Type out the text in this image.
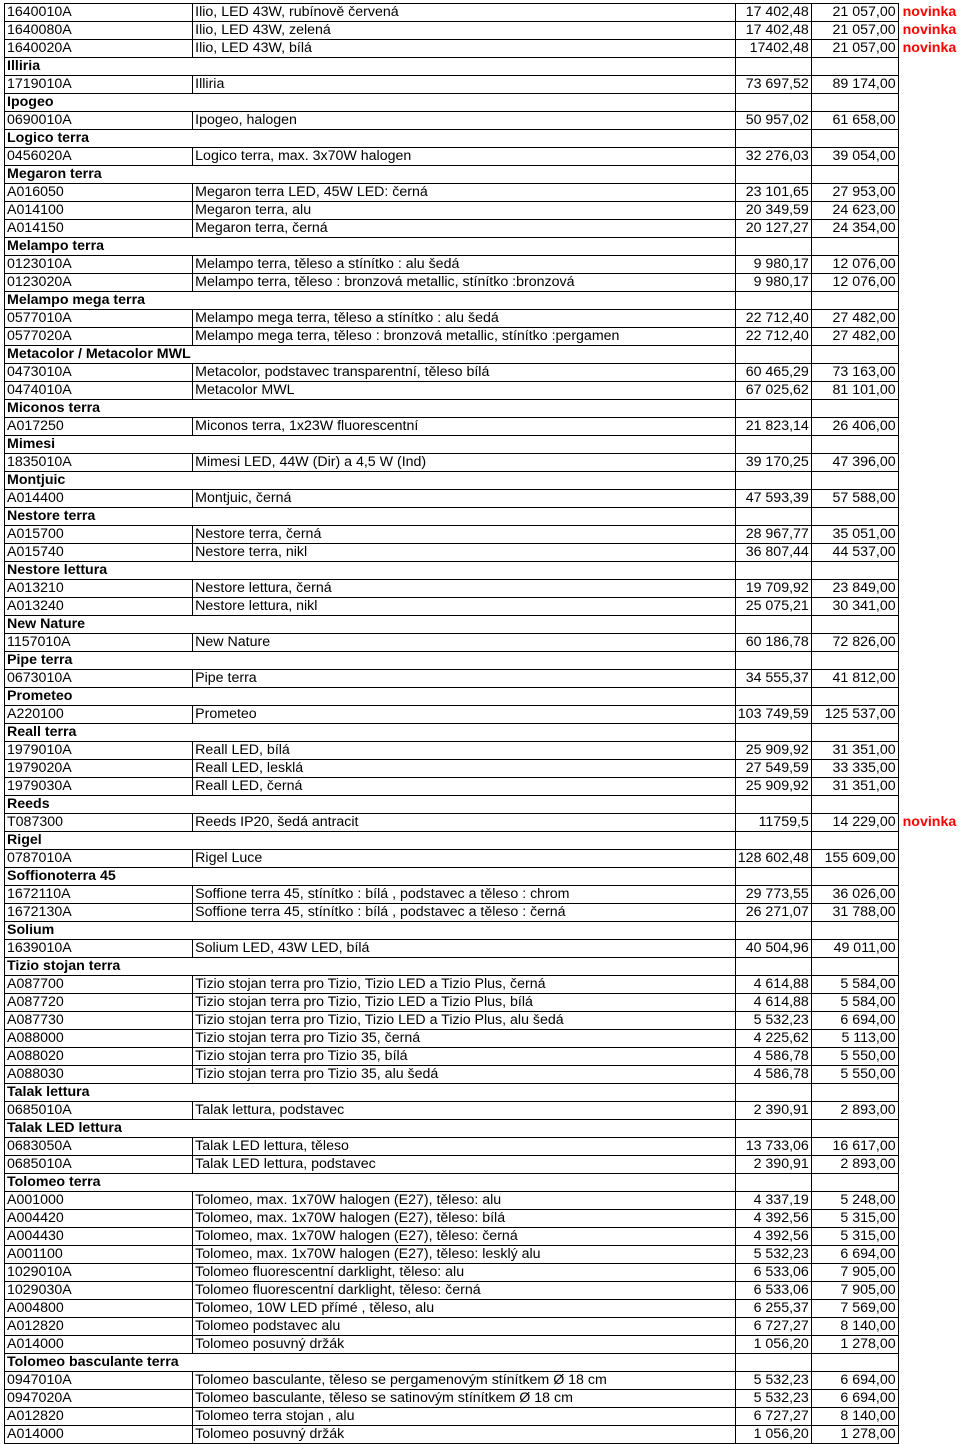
1640010A	Ilio, LED 43W, rubínově červená	17 402,48	21 057,00	novinka
1640080A	Ilio, LED 43W, zelená	17 402,48	21 057,00	novinka
1640020A	Ilio, LED 43W, bílá	17402,48	21 057,00	novinka
Illiria				
1719010A	Illiria	73 697,52	89 174,00	
Ipogeo				
0690010A	Ipogeo, halogen	50 957,02	61 658,00	
Logico terra				
0456020A	Logico terra, max. 3x70W halogen	32 276,03	39 054,00	
Megaron terra				
A016050	Megaron terra LED, 45W LED: černá	23 101,65	27 953,00	
A014100	Megaron terra, alu	20 349,59	24 623,00	
A014150	Megaron terra, černá	20 127,27	24 354,00	
Melampo terra				
0123010A	Melampo terra, těleso a stínítko : alu šedá	9 980,17	12 076,00	
0123020A	Melampo terra, těleso : bronzová metallic, stínítko :bronzová	9 980,17	12 076,00	
Melampo mega terra				
0577010A	Melampo mega terra, těleso a stínítko : alu šedá	22 712,40	27 482,00	
0577020A	Melampo mega terra, těleso : bronzová metallic, stínítko :pergamen	22 712,40	27 482,00	
Metacolor / Metacolor MWL				
0473010A	Metacolor, podstavec transparentní, těleso bílá	60 465,29	73 163,00	
0474010A	Metacolor MWL	67 025,62	81 101,00	
Miconos terra				
A017250	Miconos terra, 1x23W fluorescentní	21 823,14	26 406,00	
Mimesi				
1835010A	Mimesi LED, 44W (Dir) a 4,5 W (Ind)	39 170,25	47 396,00	
Montjuic				
A014400	Montjuic, černá	47 593,39	57 588,00	
Nestore terra				
A015700	Nestore terra, černá	28 967,77	35 051,00	
A015740	Nestore terra, nikl	36 807,44	44 537,00	
Nestore lettura				
A013210	Nestore lettura, černá	19 709,92	23 849,00	
A013240	Nestore lettura, nikl	25 075,21	30 341,00	
New Nature				
1157010A	New Nature	60 186,78	72 826,00	
Pipe terra				
0673010A	Pipe terra	34 555,37	41 812,00	
Prometeo				
A220100	Prometeo	103 749,59	125 537,00	
Reall terra				
1979010A	Reall LED, bílá	25 909,92	31 351,00	
1979020A	Reall LED, lesklá	27 549,59	33 335,00	
1979030A	Reall LED, černá	25 909,92	31 351,00	
Reeds				
T087300	Reeds IP20, šedá antracit	11759,5	14 229,00	novinka
Rigel				
0787010A	Rigel Luce	128 602,48	155 609,00	
Soffionoterra 45				
1672110A	Soffione terra 45, stínítko : bílá , podstavec a těleso : chrom	29 773,55	36 026,00	
1672130A	Soffione terra 45, stínítko : bílá , podstavec a těleso : černá	26 271,07	31 788,00	
Solium				
1639010A	Solium LED, 43W LED, bílá	40 504,96	49 011,00	
Tizio stojan terra				
A087700	Tizio stojan terra pro Tizio, Tizio LED a Tizio Plus, černá	4 614,88	5 584,00	
A087720	Tizio stojan terra pro Tizio, Tizio LED a Tizio Plus, bílá	4 614,88	5 584,00	
A087730	Tizio stojan terra pro Tizio, Tizio LED a Tizio Plus, alu šedá	5 532,23	6 694,00	
A088000	Tizio stojan terra pro Tizio 35, černá	4 225,62	5 113,00	
A088020	Tizio stojan terra pro Tizio 35, bílá	4 586,78	5 550,00	
A088030	Tizio stojan terra pro Tizio 35, alu šedá	4 586,78	5 550,00	
Talak lettura				
0685010A	Talak lettura, podstavec	2 390,91	2 893,00	
Talak LED lettura				
0683050A	Talak LED lettura, těleso	13 733,06	16 617,00	
0685010A	Talak LED lettura, podstavec	2 390,91	2 893,00	
Tolomeo terra				
A001000	Tolomeo, max. 1x70W halogen (E27), těleso: alu	4 337,19	5 248,00	
A004420	Tolomeo, max. 1x70W halogen (E27), těleso: bílá	4 392,56	5 315,00	
A004430	Tolomeo, max. 1x70W halogen (E27), těleso: černá	4 392,56	5 315,00	
A001100	Tolomeo, max. 1x70W halogen (E27), těleso: lesklý alu	5 532,23	6 694,00	
1029010A	Tolomeo fluorescentní darklight, těleso: alu	6 533,06	7 905,00	
1029030A	Tolomeo fluorescentní darklight, těleso: černá	6 533,06	7 905,00	
A004800	Tolomeo, 10W LED přímé , těleso, alu	6 255,37	7 569,00	
A012820	Tolomeo podstavec alu	6 727,27	8 140,00	
A014000	Tolomeo posuvný držák	1 056,20	1 278,00	
Tolomeo basculante terra				
0947010A	Tolomeo basculante, těleso se pergamenovým stínítkem Ø 18 cm	5 532,23	6 694,00	
0947020A	Tolomeo basculante, těleso se satinovým stínítkem Ø 18 cm	5 532,23	6 694,00	
A012820	Tolomeo terra stojan , alu	6 727,27	8 140,00	
A014000	Tolomeo posuvný držák	1 056,20	1 278,00	
